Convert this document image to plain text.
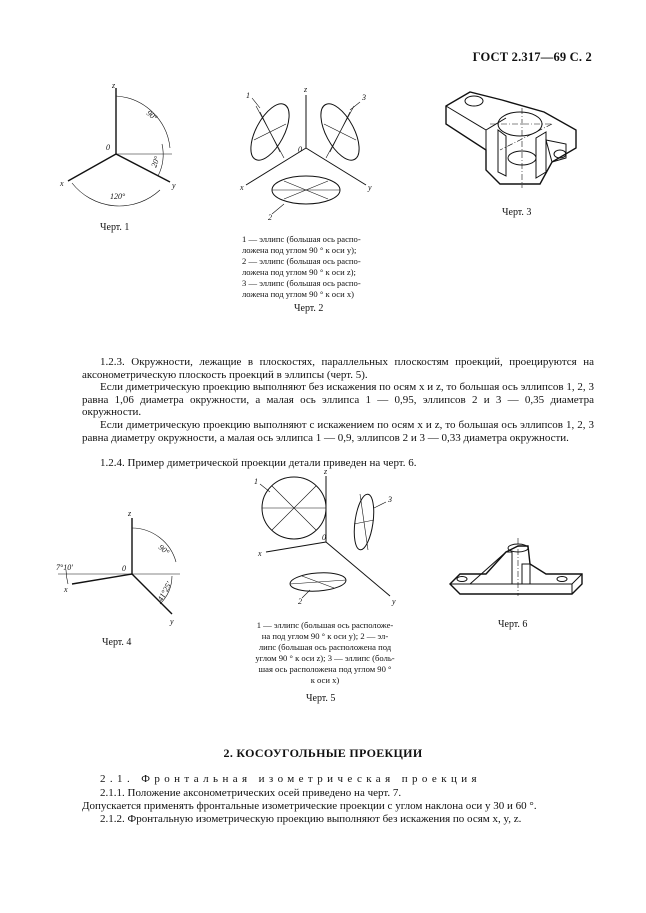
ГОСТ 2.317—69 С. 2
z
0
x	y
90°
20°
120°
Черт. 1
z
0
x	y
1	3
2
1 — эллипс (большая ось распо-
ложена под углом 90 ° к оси y);
2 — эллипс (большая ось распо-
ложена под углом 90 ° к оси z);
3 — эллипс (большая ось распо-
ложена под углом 90 ° к оси x)
Черт. 2
Черт. 3

1.2.3. Окружности, лежащие в плоскостях, параллельных плоскостям проекций, проецируются на аксонометрическую плоскость проекций в эллипсы (черт. 5).

Если диметрическую проекцию выполняют без искажения по осям x и z, то большая ось эллипсов 1, 2, 3 равна 1,06 диаметра окружности, а малая ось эллипса 1 — 0,95, эллипсов 2 и 3 — 0,35 диаметра окружности.

Если диметрическую проекцию выполняют с искажением по осям x и z, то большая ось эллипсов 1, 2, 3 равна диаметру окружности, а малая ось эллипса 1 — 0,9, эллипсов 2 и 3 — 0,33 диаметра окружности.

1.2.4. Пример диметрической проекции детали приведен на черт. 6.

z
0
x
y
90°
7°10'
41°25'
Черт. 4
z
0
x
y
1
3
2
1 — эллипс (большая ось расположе-
на под углом 90 ° к оси y); 2 — эл-
липс (большая ось расположена под
углом 90 ° к оси z); 3 — эллипс (боль-
шая ось расположена под углом 90 °
к оси x)
Черт. 5
Черт. 6
2. КОСОУГОЛЬНЫЕ ПРОЕКЦИИ

2.1. Фронтальная изометрическая проекция

2.1.1. Положение аксонометрических осей приведено на черт. 7.

Допускается применять фронтальные изометрические проекции с углом наклона оси y 30 и 60 °.

2.1.2. Фронтальную изометрическую проекцию выполняют без искажения по осям x, y, z.
